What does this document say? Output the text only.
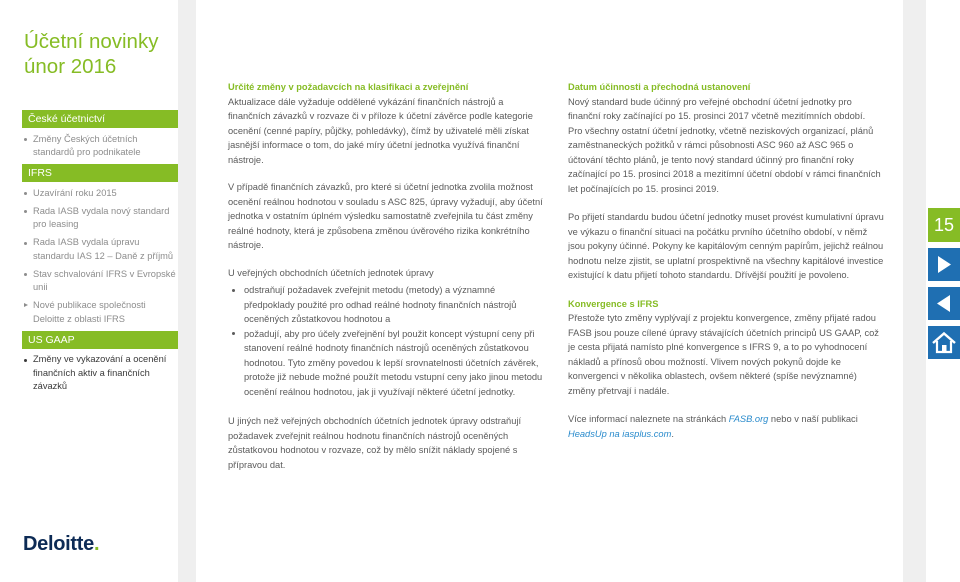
Účetní novinky
únor 2016
České účetnictví
Změny Českých účetních standardů pro podnikatele
IFRS
Uzavírání roku 2015
Rada IASB vydala nový standard pro leasing
Rada IASB vydala úpravu standardu IAS 12 – Daně z příjmů
Stav schvalování IFRS v Evropské unii
Nové publikace společnosti Deloitte z oblasti IFRS
US GAAP
Změny ve vykazování a ocenění finančních aktiv a finančních závazků
Deloitte.
Určité změny v požadavcích na klasifikaci a zveřejnění

Aktualizace dále vyžaduje oddělené vykázání finančních nástrojů a finančních závazků v rozvaze či v příloze k účetní závěrce podle kategorie ocenění (cenné papíry, půjčky, pohledávky), čímž by uživatelé měli získat jasnější informace o tom, do jaké míry účetní jednotka využívá finanční nástroje.

V případě finančních závazků, pro které si účetní jednotka zvolila možnost ocenění reálnou hodnotou v souladu s ASC 825, úpravy vyžadují, aby účetní jednotka v ostatním úplném výsledku samostatně zveřejnila tu část změny reálné hodnoty, která je způsobena změnou úvěrového rizika konkrétního nástroje.

U veřejných obchodních účetních jednotek úpravy

odstraňují požadavek zveřejnit metodu (metody) a významné předpoklady použité pro odhad reálné hodnoty finančních nástrojů oceněných zůstatkovou hodnotou a
požadují, aby pro účely zveřejnění byl použit koncept výstupní ceny při stanovení reálné hodnoty finančních nástrojů oceněných zůstatkovou hodnotou. Tyto změny povedou k lepší srovnatelnosti účetních závěrek, protože již nebude možné použít metodu vstupní ceny jako jinou metodu ocenění reálnou hodnotou, jak ji využívají některé účetní jednotky.

U jiných než veřejných obchodních účetních jednotek úpravy odstraňují požadavek zveřejnit reálnou hodnotu finančních nástrojů oceněných zůstatkovou hodnotou v rozvaze, což by mělo snížit náklady spojené s přípravou dat.

Datum účinnosti a přechodná ustanovení

Nový standard bude účinný pro veřejné obchodní účetní jednotky pro finanční roky začínající po 15. prosinci 2017 včetně mezitímních období.

Pro všechny ostatní účetní jednotky, včetně neziskových organizací, plánů zaměstnaneckých požitků v rámci působnosti ASC 960 až ASC 965 o účtování těchto plánů, je tento nový standard účinný pro finanční roky začínající po 15. prosinci 2018 a mezitímní účetní období v rámci finančních let počínajících po 15. prosinci 2019.

Po přijetí standardu budou účetní jednotky muset provést kumulativní úpravu ve výkazu o finanční situaci na počátku prvního účetního období, v němž jsou pokyny účinné. Pokyny ke kapitálovým cenným papírům, jejichž reálnou hodnotu nelze zjistit, se uplatní prospektivně na všechny kapitálové investice existující k datu přijetí tohoto standardu. Dřívější použití je povoleno.

Konvergence s IFRS

Přestože tyto změny vyplývají z projektu konvergence, změny přijaté radou FASB jsou pouze cílené úpravy stávajících účetních principů US GAAP, což je cesta přijatá namísto plné konvergence s IFRS 9, a to po vyhodnocení nákladů a přínosů obou možností. Vlivem nových pokynů dojde ke konvergenci v několika oblastech, ovšem některé (spíše nevýznamné) změny přetrvají i nadále.

Více informací naleznete na stránkách FASB.org nebo v naší publikaci HeadsUp na iasplus.com.

15
